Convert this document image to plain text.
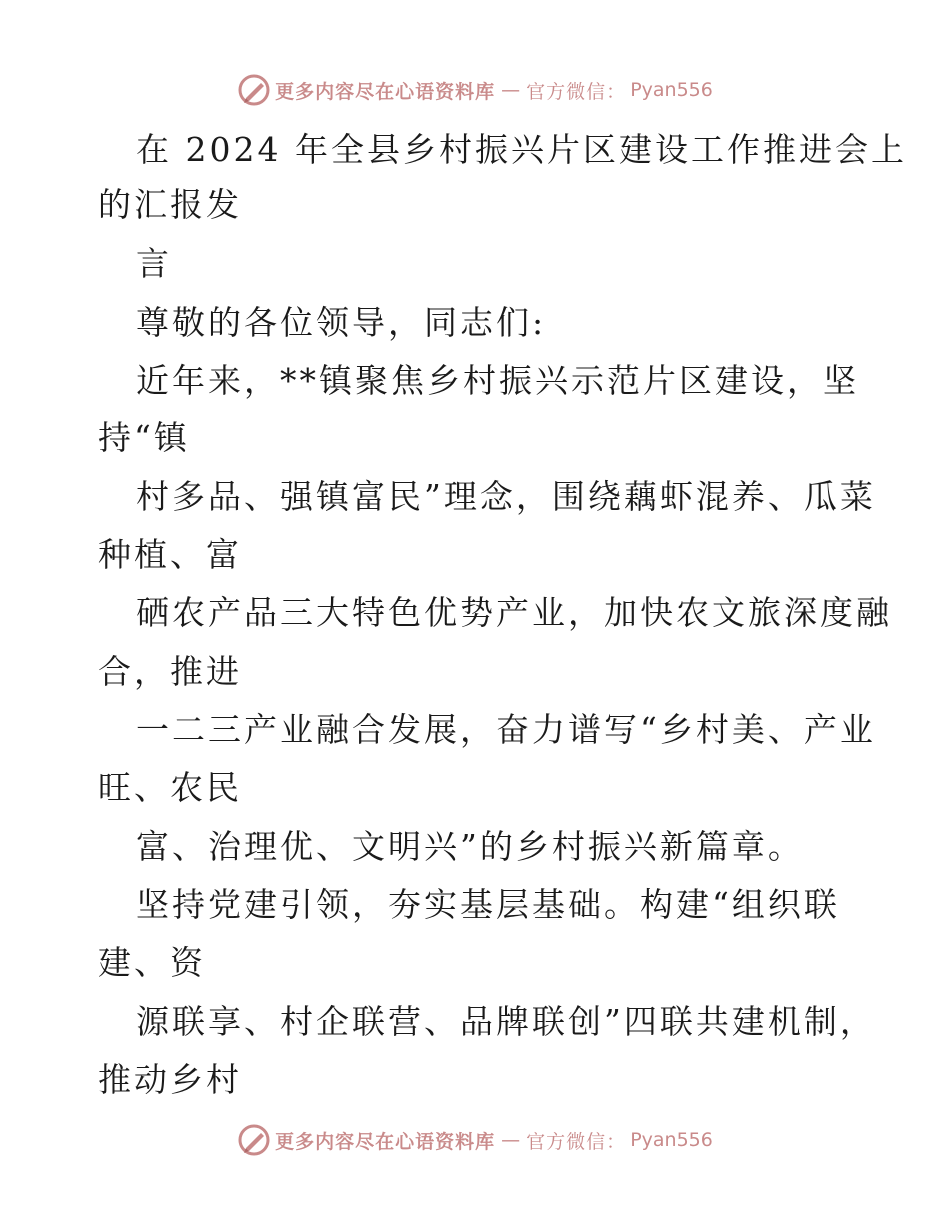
更多内容尽在心语资料库 — 官方微信： Pyan556
在 2024 年全县乡村振兴片区建设工作推进会上
的汇报发
言
尊敬的各位领导，同志们:
近年来，**镇聚焦乡村振兴示范片区建设，坚
持“镇
村多品、强镇富民”理念，围绕藕虾混养、瓜菜
种植、富
硒农产品三大特色优势产业，加快农文旅深度融
合，推进
一二三产业融合发展，奋力谱写“乡村美、产业
旺、农民
富、治理优、文明兴”的乡村振兴新篇章。
坚持党建引领，夯实基层基础。构建“组织联
建、资
源联享、村企联营、品牌联创”四联共建机制，
推动乡村
更多内容尽在心语资料库 — 官方微信： Pyan556
